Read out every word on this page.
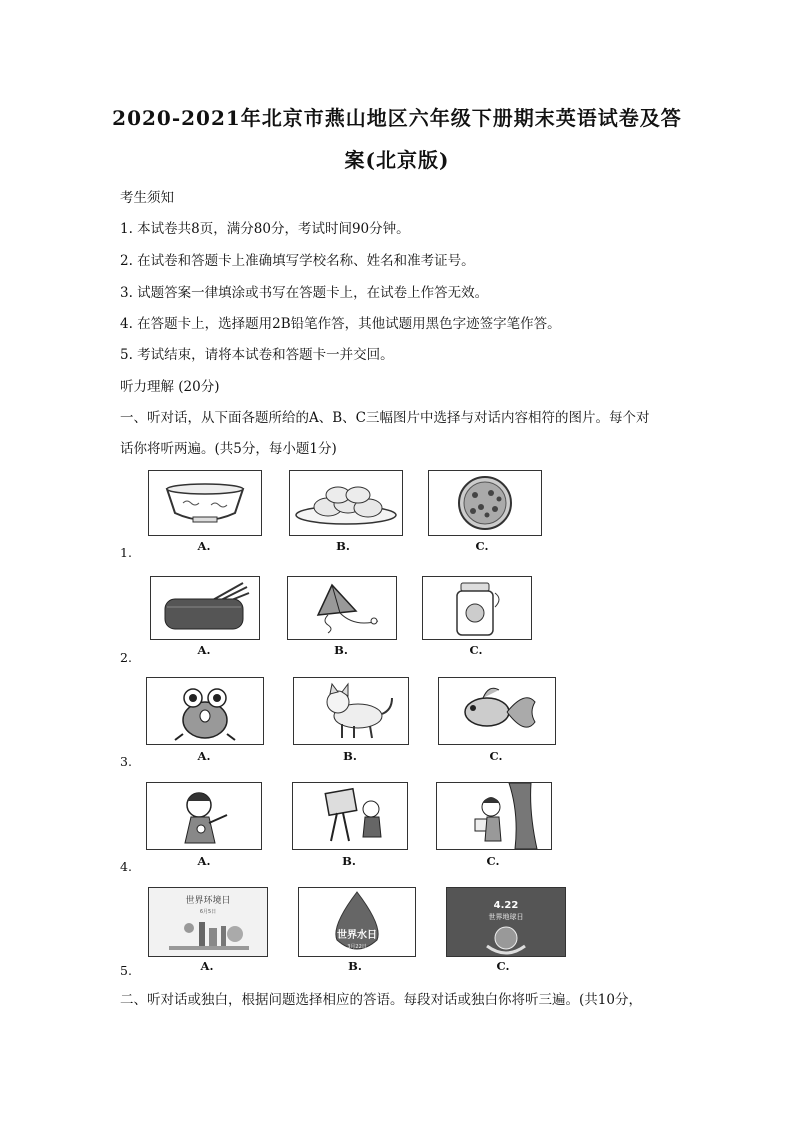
2020-2021年北京市燕山地区六年级下册期末英语试卷及答
案(北京版)
考生须知
1. 本试卷共8页，满分80分，考试时间90分钟。
2. 在试卷和答题卡上准确填写学校名称、姓名和准考证号。
3. 试题答案一律填涂或书写在答题卡上，在试卷上作答无效。
4. 在答题卡上，选择题用2B铅笔作答，其他试题用黑色字迹签字笔作答。
5. 考试结束，请将本试卷和答题卡一并交回。
听力理解 (20分)
一、听对话，从下面各题所给的A、B、C三幅图片中选择与对话内容相符的图片。每个对
话你将听两遍。(共5分，每小题1分)
1.	A.	B.	C.
2.	A.	B.	C.
3.	A.	B.	C.
4.	A.	B.	C.
5.
世界环境日
6月5日
世界水日
3月22日
4.22
世界地球日
A.	B.	C.
二、听对话或独白，根据问题选择相应的答语。每段对话或独白你将听三遍。(共10分，
